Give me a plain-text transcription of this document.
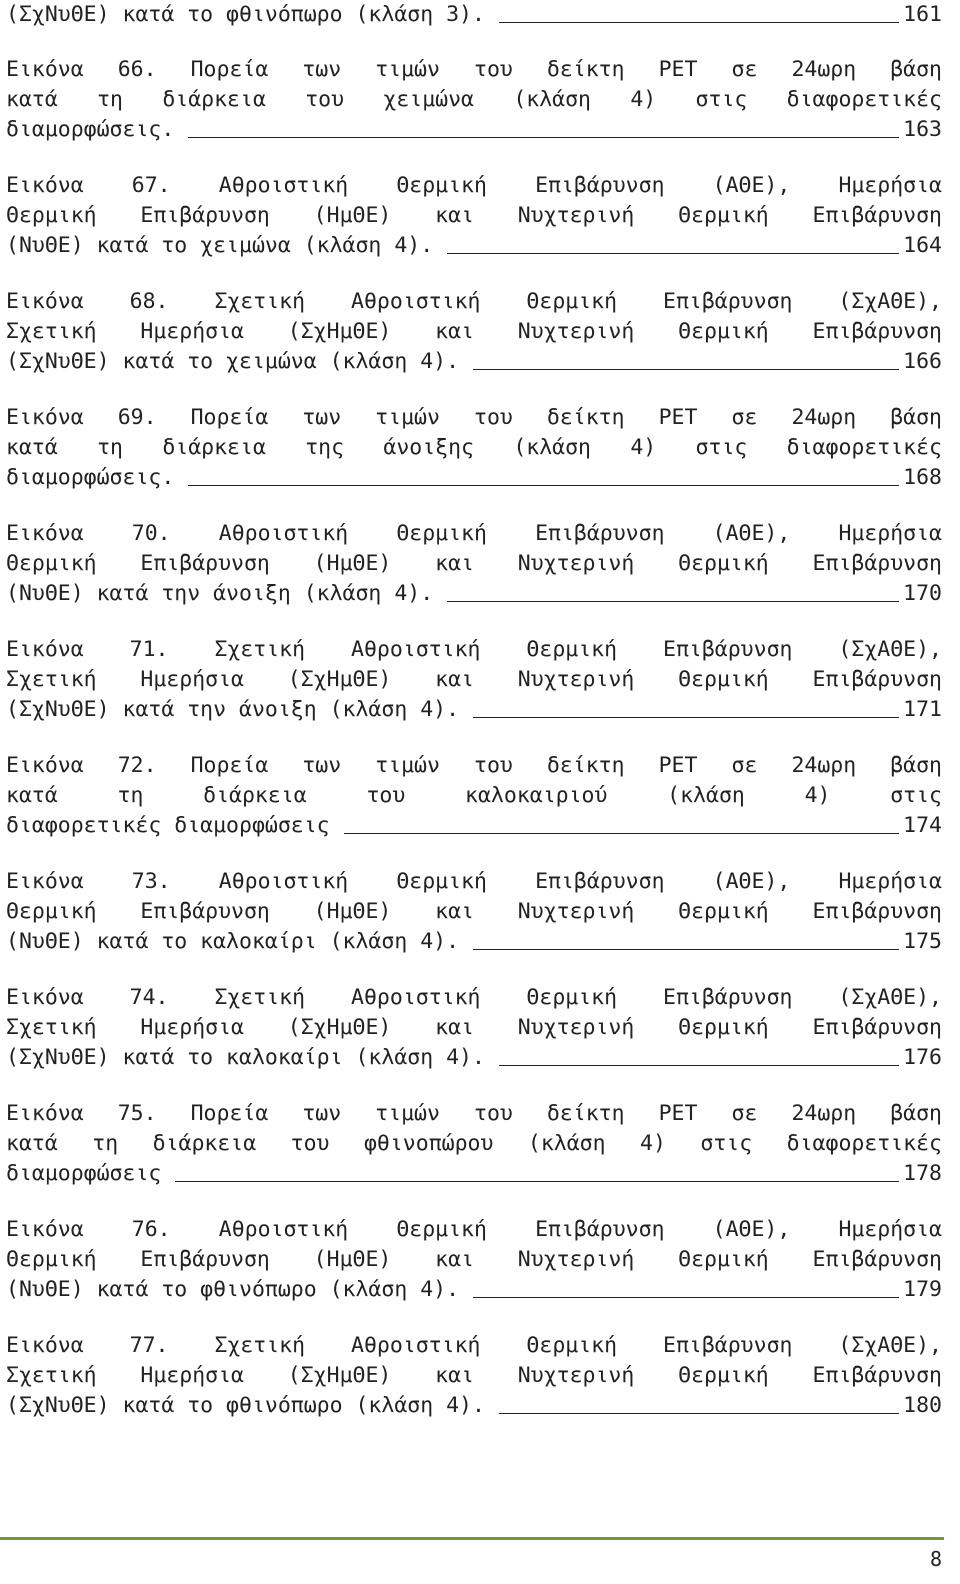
(ΣχΝυΘΕ) κατά το φθινόπωρο (κλάση 3).	161
Εικόνα 66. Πορεία των τιμών του δείκτη PET σε 24ωρη βάση
κατά τη διάρκεια του χειμώνα (κλάση 4) στις διαφορετικές
διαμορφώσεις.	163
Εικόνα 67. Αθροιστική Θερμική Επιβάρυνση (ΑΘΕ), Ημερήσια
Θερμική Επιβάρυνση (ΗμΘΕ) και Νυχτερινή Θερμική Επιβάρυνση
(ΝυΘΕ) κατά το χειμώνα (κλάση 4).	164
Εικόνα 68. Σχετική Αθροιστική Θερμική Επιβάρυνση (ΣχΑΘΕ),
Σχετική Ημερήσια (ΣχΗμΘΕ) και Νυχτερινή Θερμική Επιβάρυνση
(ΣχΝυΘΕ) κατά το χειμώνα (κλάση 4).	166
Εικόνα 69. Πορεία των τιμών του δείκτη PET σε 24ωρη βάση
κατά τη διάρκεια της άνοιξης (κλάση 4) στις διαφορετικές
διαμορφώσεις.	168
Εικόνα 70. Αθροιστική Θερμική Επιβάρυνση (ΑΘΕ), Ημερήσια
Θερμική Επιβάρυνση (ΗμΘΕ) και Νυχτερινή Θερμική Επιβάρυνση
(ΝυΘΕ) κατά την άνοιξη (κλάση 4).	170
Εικόνα 71. Σχετική Αθροιστική Θερμική Επιβάρυνση (ΣχΑΘΕ),
Σχετική Ημερήσια (ΣχΗμΘΕ) και Νυχτερινή Θερμική Επιβάρυνση
(ΣχΝυΘΕ) κατά την άνοιξη (κλάση 4).	171
Εικόνα 72. Πορεία των τιμών του δείκτη PET σε 24ωρη βάση
κατά τη διάρκεια του καλοκαιριού (κλάση 4) στις
διαφορετικές διαμορφώσεις	174
Εικόνα 73. Αθροιστική Θερμική Επιβάρυνση (ΑΘΕ), Ημερήσια
Θερμική Επιβάρυνση (ΗμΘΕ) και Νυχτερινή Θερμική Επιβάρυνση
(ΝυΘΕ) κατά το καλοκαίρι (κλάση 4).	175
Εικόνα 74. Σχετική Αθροιστική Θερμική Επιβάρυνση (ΣχΑΘΕ),
Σχετική Ημερήσια (ΣχΗμΘΕ) και Νυχτερινή Θερμική Επιβάρυνση
(ΣχΝυΘΕ) κατά το καλοκαίρι (κλάση 4).	176
Εικόνα 75. Πορεία των τιμών του δείκτη PET σε 24ωρη βάση
κατά τη διάρκεια του φθινοπώρου (κλάση 4) στις διαφορετικές
διαμορφώσεις	178
Εικόνα 76. Αθροιστική Θερμική Επιβάρυνση (ΑΘΕ), Ημερήσια
Θερμική Επιβάρυνση (ΗμΘΕ) και Νυχτερινή Θερμική Επιβάρυνση
(ΝυΘΕ) κατά το φθινόπωρο (κλάση 4).	179
Εικόνα 77. Σχετική Αθροιστική Θερμική Επιβάρυνση (ΣχΑΘΕ),
Σχετική Ημερήσια (ΣχΗμΘΕ) και Νυχτερινή Θερμική Επιβάρυνση
(ΣχΝυΘΕ) κατά το φθινόπωρο (κλάση 4).	180
8
